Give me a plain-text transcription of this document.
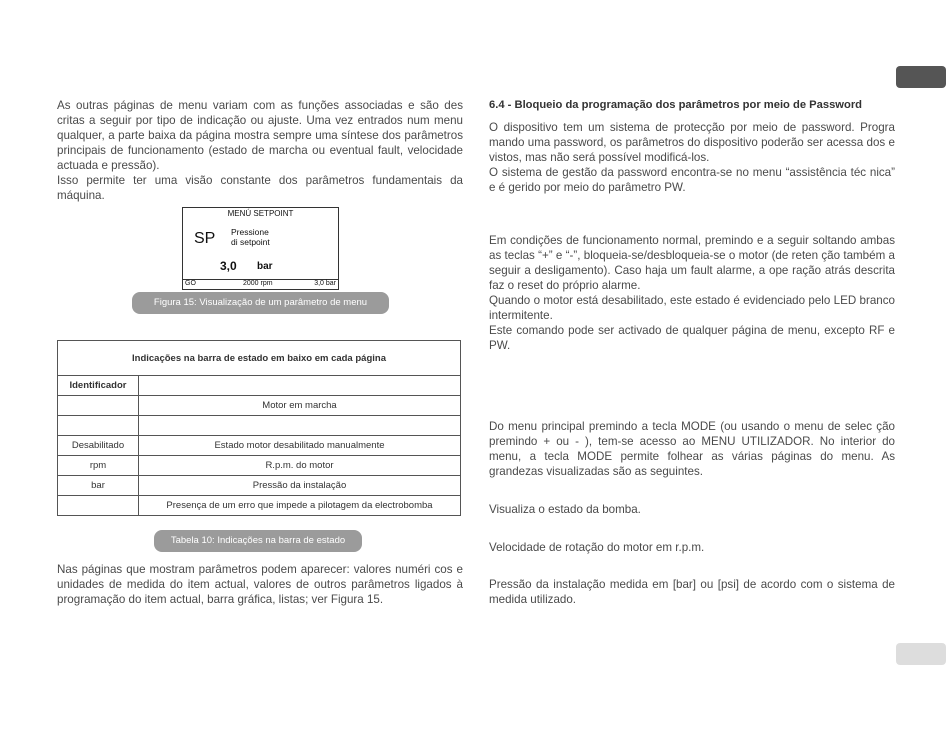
As outras páginas de menu variam com as funções associadas e são des critas a seguir por tipo de indicação ou ajuste. Uma vez entrados num menu qualquer, a parte baixa da página mostra sempre uma síntese dos parâmetros principais de funcionamento (estado de marcha ou eventual fault, velocidade actuada e pressão).

Isso permite ter uma visão constante dos parâmetros fundamentais da máquina.

MENÚ SETPOINT
SP Pressione
di setpoint
3,0 bar
GO	2000 rpm	3,0 bar
Figura 15: Visualização de um parâmetro de menu
Indicações na barra de estado em baixo em cada página	
Identificador	
	Motor em marcha

Desabilitado	Estado motor desabilitado manualmente
rpm	R.p.m. do motor
bar	Pressão da instalação
	Presença de um erro que impede a pilotagem da electrobomba
Tabela 10: Indicações na barra de estado

Nas páginas que mostram parâmetros podem aparecer: valores numéri cos e unidades de medida do item actual, valores de outros parâmetros ligados à programação do item actual, barra gráfica, listas; ver Figura 15.

6.4 - Bloqueio da programação dos parâmetros por meio de Password

O dispositivo tem um sistema de protecção por meio de password. Progra mando uma password, os parâmetros do dispositivo poderão ser acessa dos e vistos, mas não será possível modificá-los.

O sistema de gestão da password encontra-se no menu “assistência téc nica” e é gerido por meio do parâmetro PW.

Em condições de funcionamento normal, premindo e a seguir soltando ambas as teclas “+” e “-”, bloqueia-se/desbloqueia-se o motor (de reten ção também a seguir a desligamento). Caso haja um fault alarme, a ope ração atrás descrita faz o reset do próprio alarme.

Quando o motor está desabilitado, este estado é evidenciado pelo LED branco intermitente.

Este comando pode ser activado de qualquer página de menu, excepto RF e PW.

Do menu principal premindo a tecla MODE (ou usando o menu de selec ção premindo + ou - ), tem-se acesso ao MENU UTILIZADOR. No interior do menu, a tecla MODE permite folhear as várias páginas do menu. As grandezas visualizadas são as seguintes.

Visualiza o estado da bomba.

Velocidade de rotação do motor em r.p.m.

Pressão da instalação medida em [bar] ou [psi] de acordo com o sistema de medida utilizado.
